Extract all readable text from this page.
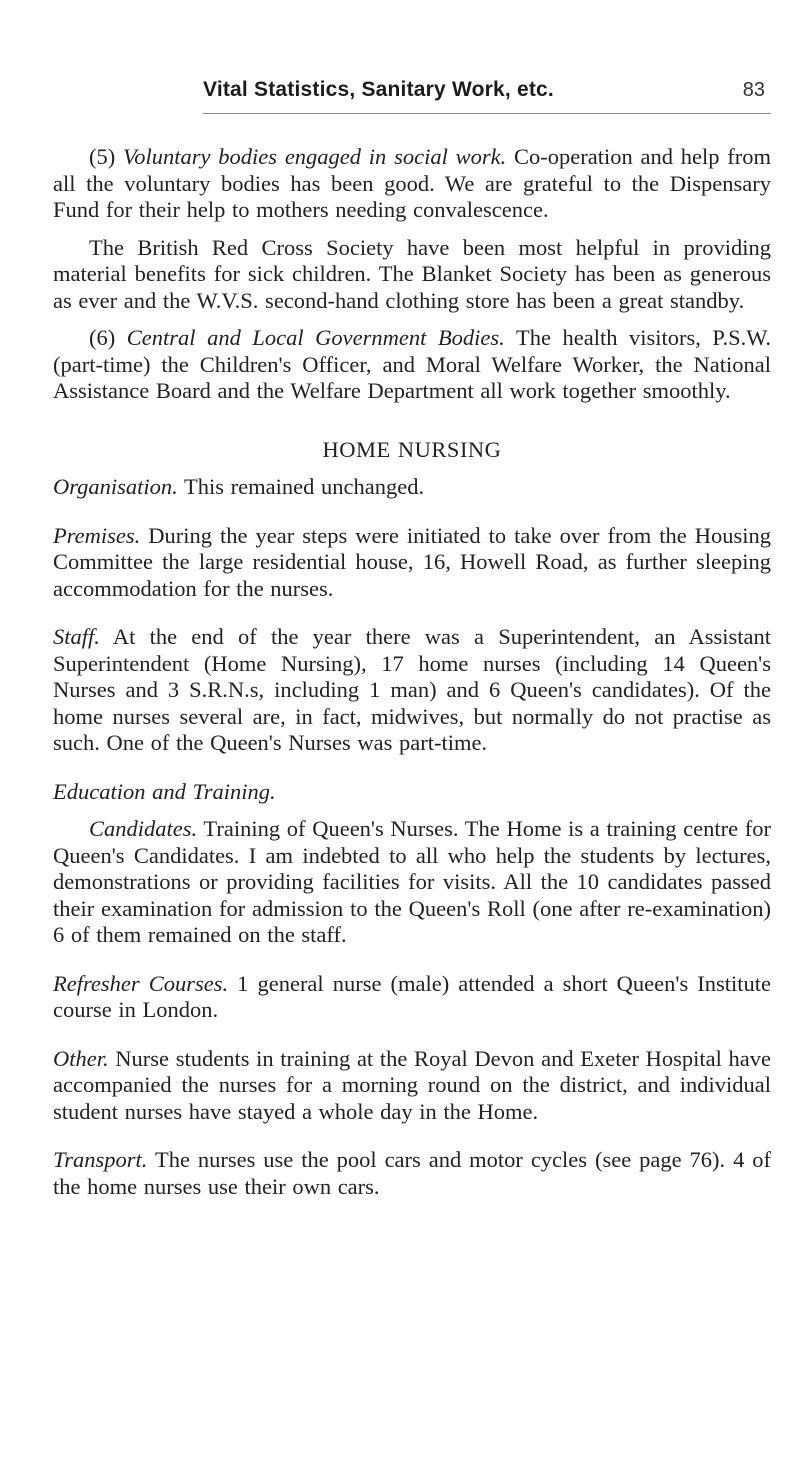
Vital Statistics, Sanitary Work, etc.	83

(5) Voluntary bodies engaged in social work. Co-operation and help from all the voluntary bodies has been good. We are grateful to the Dispensary Fund for their help to mothers needing convalescence.

The British Red Cross Society have been most helpful in providing material benefits for sick children. The Blanket Society has been as generous as ever and the W.V.S. second-hand clothing store has been a great standby.

(6) Central and Local Government Bodies. The health visitors, P.S.W. (part-time) the Children's Officer, and Moral Welfare Worker, the National Assistance Board and the Welfare Department all work together smoothly.

HOME NURSING

Organisation. This remained unchanged.

Premises. During the year steps were initiated to take over from the Housing Committee the large residential house, 16, Howell Road, as further sleeping accommodation for the nurses.

Staff. At the end of the year there was a Superintendent, an Assistant Superintendent (Home Nursing), 17 home nurses (including 14 Queen's Nurses and 3 S.R.N.s, including 1 man) and 6 Queen's candidates). Of the home nurses several are, in fact, midwives, but normally do not practise as such. One of the Queen's Nurses was part-time.

Education and Training.

Candidates. Training of Queen's Nurses. The Home is a training centre for Queen's Candidates. I am indebted to all who help the students by lectures, demonstrations or providing facilities for visits. All the 10 candidates passed their examination for admission to the Queen's Roll (one after re-examination) 6 of them remained on the staff.

Refresher Courses. 1 general nurse (male) attended a short Queen's Institute course in London.

Other. Nurse students in training at the Royal Devon and Exeter Hospital have accompanied the nurses for a morning round on the district, and individual student nurses have stayed a whole day in the Home.

Transport. The nurses use the pool cars and motor cycles (see page 76). 4 of the home nurses use their own cars.
